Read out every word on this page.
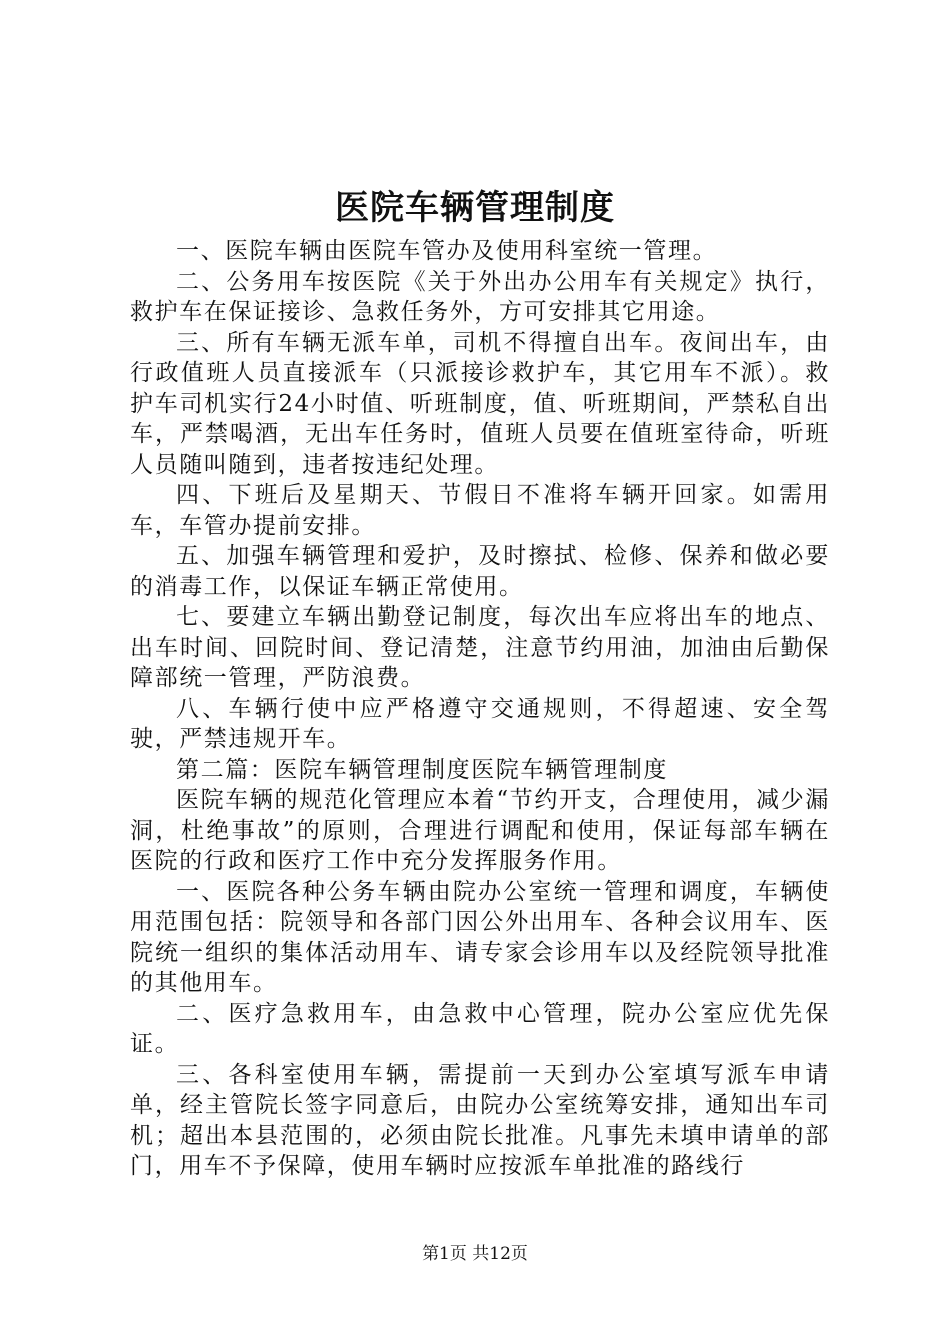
医院车辆管理制度

一、医院车辆由医院车管办及使用科室统一管理。

二、公务用车按医院《关于外出办公用车有关规定》执行，救护车在保证接诊、急救任务外，方可安排其它用途。

三、所有车辆无派车单，司机不得擅自出车。夜间出车，由行政值班人员直接派车（只派接诊救护车，其它用车不派）。救护车司机实行24小时值、听班制度，值、听班期间，严禁私自出车，严禁喝酒，无出车任务时，值班人员要在值班室待命，听班人员随叫随到，违者按违纪处理。

四、下班后及星期天、节假日不准将车辆开回家。如需用车，车管办提前安排。

五、加强车辆管理和爱护，及时擦拭、检修、保养和做必要的消毒工作，以保证车辆正常使用。

七、要建立车辆出勤登记制度，每次出车应将出车的地点、出车时间、回院时间、登记清楚，注意节约用油，加油由后勤保障部统一管理，严防浪费。

八、车辆行使中应严格遵守交通规则，不得超速、安全驾驶，严禁违规开车。

第二篇：医院车辆管理制度医院车辆管理制度

医院车辆的规范化管理应本着“节约开支，合理使用，减少漏洞，杜绝事故”的原则，合理进行调配和使用，保证每部车辆在医院的行政和医疗工作中充分发挥服务作用。

一、医院各种公务车辆由院办公室统一管理和调度，车辆使用范围包括：院领导和各部门因公外出用车、各种会议用车、医院统一组织的集体活动用车、请专家会诊用车以及经院领导批准的其他用车。

二、医疗急救用车，由急救中心管理，院办公室应优先保证。

三、各科室使用车辆，需提前一天到办公室填写派车申请单，经主管院长签字同意后，由院办公室统筹安排，通知出车司机；超出本县范围的，必须由院长批准。凡事先未填申请单的部门，用车不予保障，使用车辆时应按派车单批准的路线行

第1页 共12页
